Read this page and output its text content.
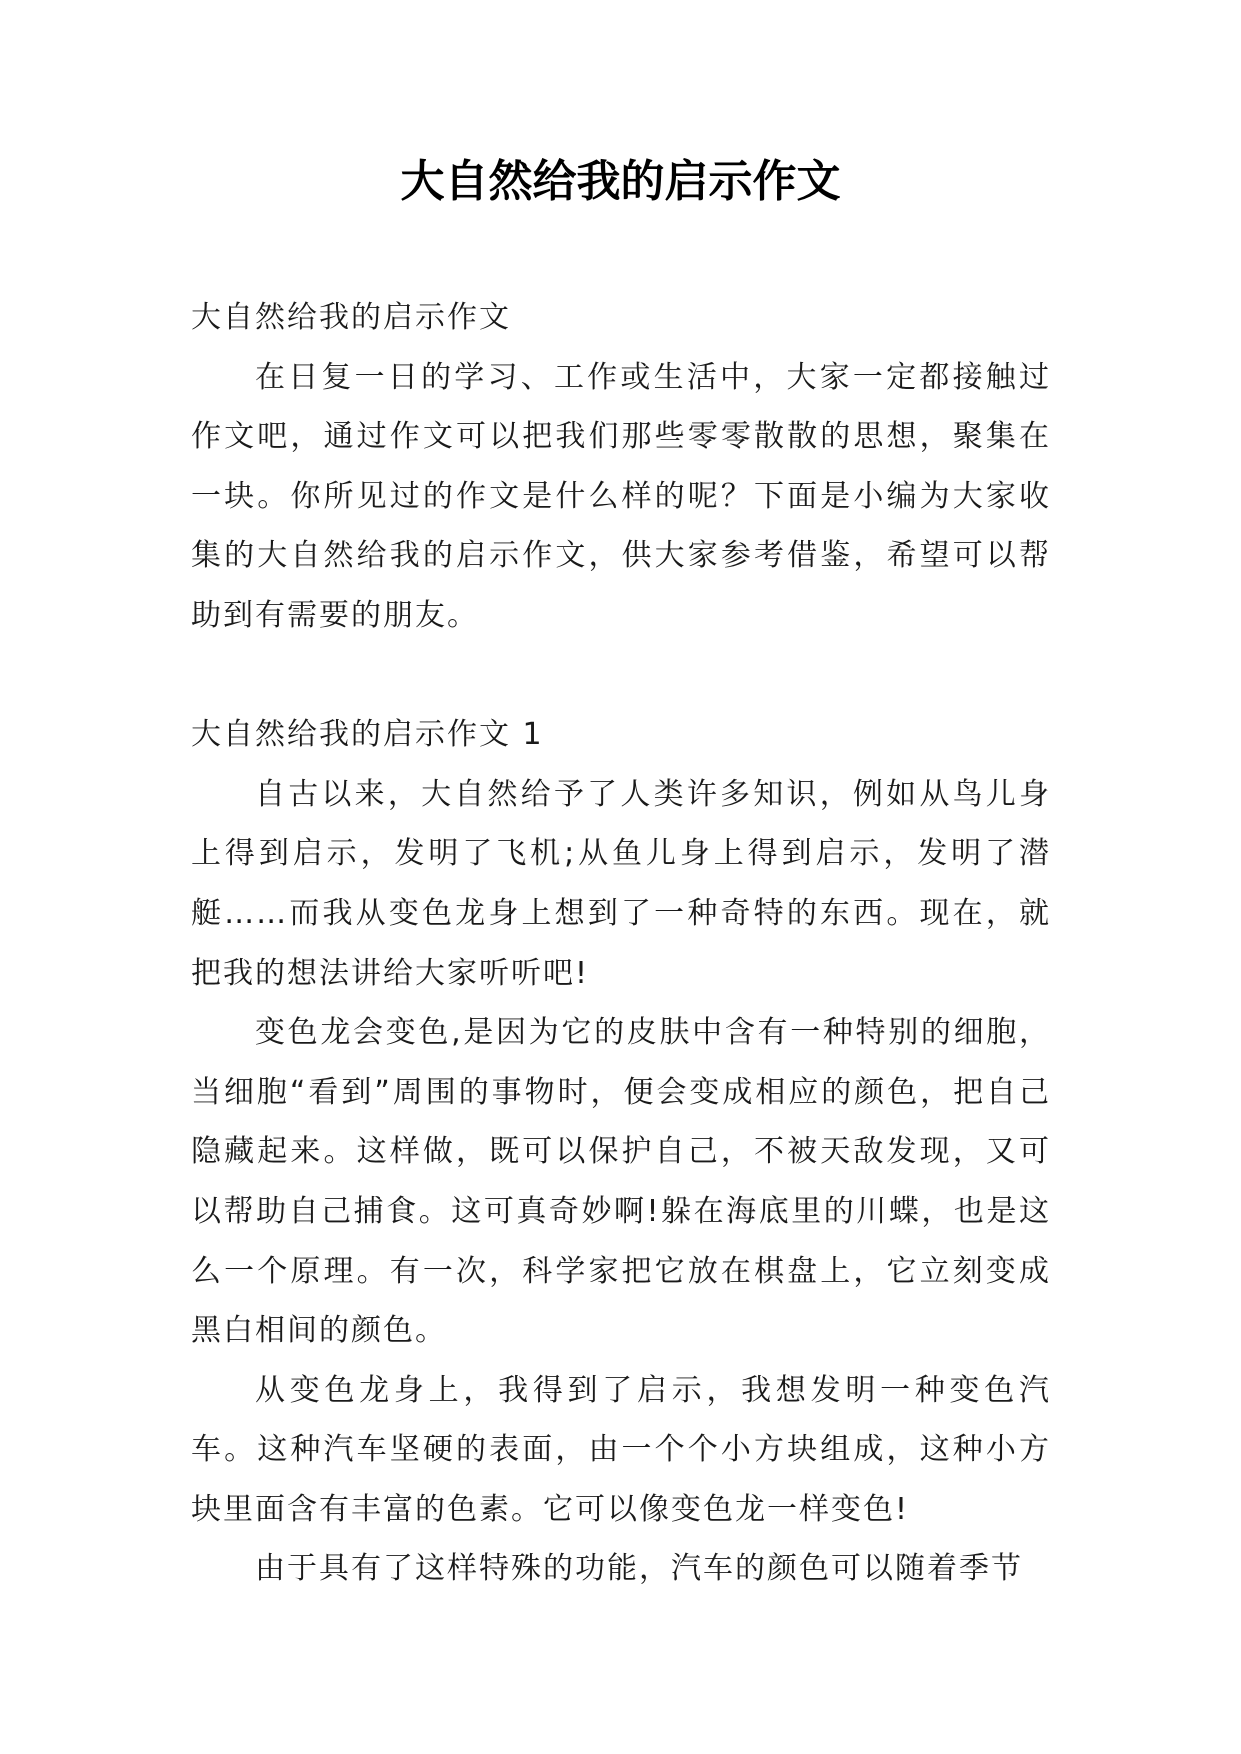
大自然给我的启示作文

大自然给我的启示作文

在日复一日的学习、工作或生活中，大家一定都接触过作文吧，通过作文可以把我们那些零零散散的思想，聚集在一块。你所见过的作文是什么样的呢？下面是小编为大家收集的大自然给我的启示作文，供大家参考借鉴，希望可以帮助到有需要的朋友。

大自然给我的启示作文 1

自古以来，大自然给予了人类许多知识，例如从鸟儿身上得到启示，发明了飞机;从鱼儿身上得到启示，发明了潜艇……而我从变色龙身上想到了一种奇特的东西。现在，就把我的想法讲给大家听听吧!

变色龙会变色,是因为它的皮肤中含有一种特别的细胞，当细胞“看到”周围的事物时，便会变成相应的颜色，把自己隐藏起来。这样做，既可以保护自己，不被天敌发现，又可以帮助自己捕食。这可真奇妙啊!躲在海底里的川蝶，也是这么一个原理。有一次，科学家把它放在棋盘上，它立刻变成黑白相间的颜色。

从变色龙身上，我得到了启示，我想发明一种变色汽车。这种汽车坚硬的表面，由一个个小方块组成，这种小方块里面含有丰富的色素。它可以像变色龙一样变色!

由于具有了这样特殊的功能，汽车的颜色可以随着季节
